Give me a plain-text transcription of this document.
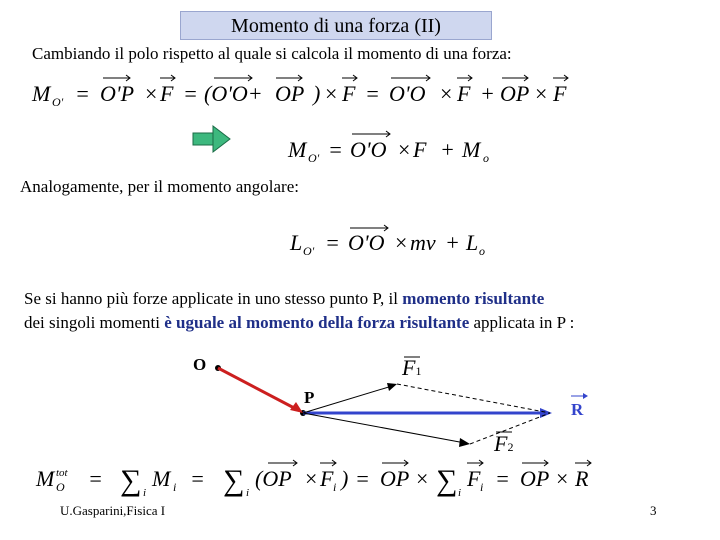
Momento di una forza (II)
Cambiando il polo rispetto al quale si calcola il momento di una forza:
M O' = O'P × F = (O'O+ OP ) × F = O'O × F + OP × F
M O' = O'O × F + M o
L O' = O'O × mv + L o
M O
tot = ∑ i
M i = ∑ i
(OP × F i ) = OP × ∑ i
F i = OP × R
Analogamente, per il momento angolare:
Se si hanno più forze applicate in uno stesso punto P, il momento risultante
dei singoli momenti è uguale al momento della forza risultante applicata in P :
O
P
R
F1
F2
U.Gasparini,Fisica I	3
